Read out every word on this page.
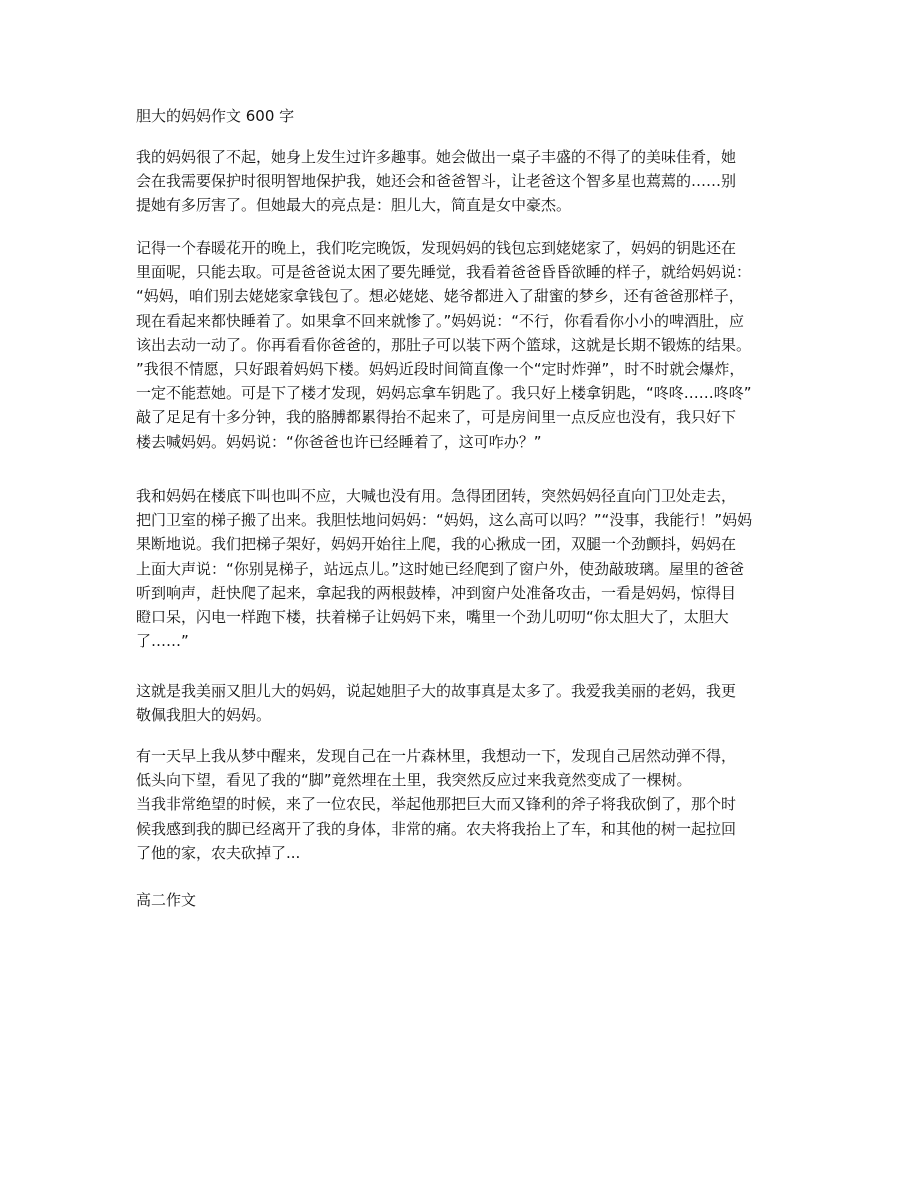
胆大的妈妈作文 600 字

我的妈妈很了不起，她身上发生过许多趣事。她会做出一桌子丰盛的不得了的美味佳肴，她
会在我需要保护时很明智地保护我，她还会和爸爸智斗，让老爸这个智多星也蔫蔫的……别
提她有多厉害了。但她最大的亮点是：胆儿大，简直是女中豪杰。

记得一个春暖花开的晚上，我们吃完晚饭，发现妈妈的钱包忘到姥姥家了，妈妈的钥匙还在
里面呢，只能去取。可是爸爸说太困了要先睡觉，我看着爸爸昏昏欲睡的样子，就给妈妈说：
“妈妈，咱们别去姥姥家拿钱包了。想必姥姥、姥爷都进入了甜蜜的梦乡，还有爸爸那样子，
现在看起来都快睡着了。如果拿不回来就惨了。”妈妈说：“不行，你看看你小小的啤酒肚，应
该出去动一动了。你再看看你爸爸的，那肚子可以装下两个篮球，这就是长期不锻炼的结果。
”我很不情愿，只好跟着妈妈下楼。妈妈近段时间简直像一个“定时炸弹”，时不时就会爆炸，
一定不能惹她。可是下了楼才发现，妈妈忘拿车钥匙了。我只好上楼拿钥匙，“咚咚……咚咚”
敲了足足有十多分钟，我的胳膊都累得抬不起来了，可是房间里一点反应也没有，我只好下
楼去喊妈妈。妈妈说：“你爸爸也许已经睡着了，这可咋办？”

我和妈妈在楼底下叫也叫不应，大喊也没有用。急得团团转，突然妈妈径直向门卫处走去，
把门卫室的梯子搬了出来。我胆怯地问妈妈：“妈妈，这么高可以吗？”“没事，我能行！”妈妈
果断地说。我们把梯子架好，妈妈开始往上爬，我的心揪成一团，双腿一个劲颤抖，妈妈在
上面大声说：“你别晃梯子，站远点儿。”这时她已经爬到了窗户外，使劲敲玻璃。屋里的爸爸
听到响声，赶快爬了起来，拿起我的两根鼓棒，冲到窗户处准备攻击，一看是妈妈，惊得目
瞪口呆，闪电一样跑下楼，扶着梯子让妈妈下来，嘴里一个劲儿叨叨“你太胆大了，太胆大
了……”

这就是我美丽又胆儿大的妈妈，说起她胆子大的故事真是太多了。我爱我美丽的老妈，我更
敬佩我胆大的妈妈。

有一天早上我从梦中醒来，发现自己在一片森林里，我想动一下，发现自己居然动弹不得，
低头向下望，看见了我的“脚”竟然埋在土里，我突然反应过来我竟然变成了一棵树。
当我非常绝望的时候，来了一位农民，举起他那把巨大而又锋利的斧子将我砍倒了，那个时
候我感到我的脚已经离开了我的身体，非常的痛。农夫将我抬上了车，和其他的树一起拉回
了他的家，农夫砍掉了...

高二作文
